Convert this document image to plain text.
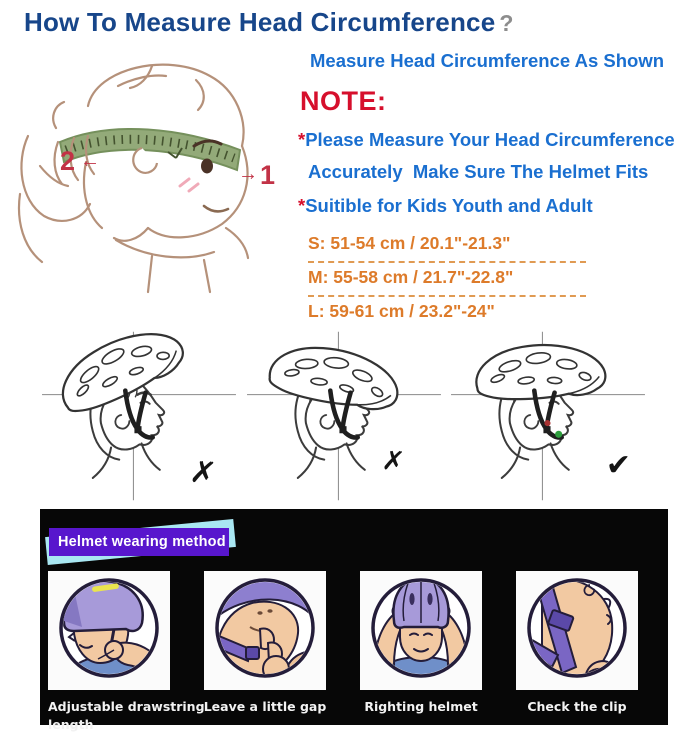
How To Measure Head Circumference ?
2 ←
→ 1
Measure Head Circumference As Shown
NOTE:
*Please Measure Your Head Circumference
Accurately  Make Sure The Helmet Fits
*Suitible for Kids Youth and Adult
S: 51-54 cm / 20.1"-21.3"
M: 55-58 cm / 21.7"-22.8"
L: 59-61 cm / 23.2"-24"
✗	✗	✔
Helmet wearing method
Adjustable drawstring length
Leave a little gap	Righting helmet	Check the clip
